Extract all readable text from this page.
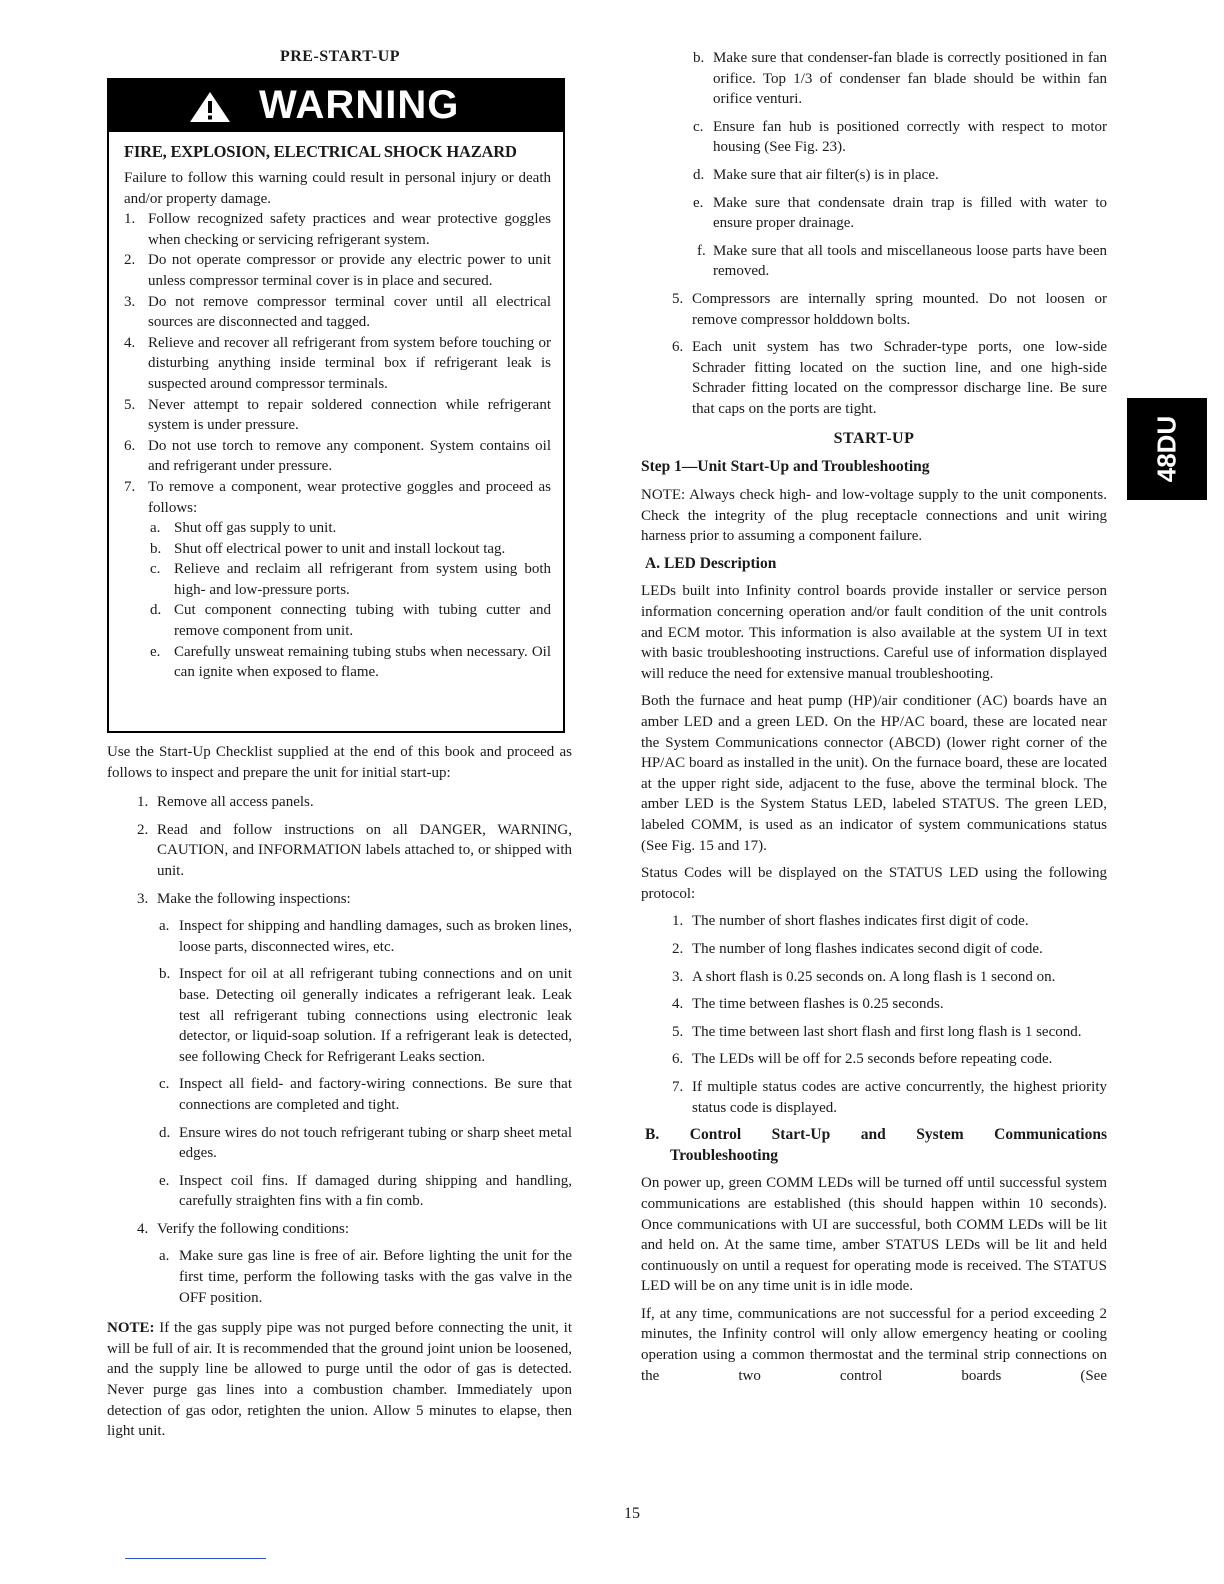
PRE-START-UP
WARNING
FIRE, EXPLOSION, ELECTRICAL SHOCK HAZARD

Failure to follow this warning could result in personal injury or death and/or property damage.

1. Follow recognized safety practices and wear protective goggles when checking or servicing refrigerant system.
2. Do not operate compressor or provide any electric power to unit unless compressor terminal cover is in place and secured.
3. Do not remove compressor terminal cover until all electrical sources are disconnected and tagged.
4. Relieve and recover all refrigerant from system before touching or disturbing anything inside terminal box if refrigerant leak is suspected around compressor terminals.
5. Never attempt to repair soldered connection while refrigerant system is under pressure.
6. Do not use torch to remove any component. System contains oil and refrigerant under pressure.
7. To remove a component, wear protective goggles and proceed as follows:
a. Shut off gas supply to unit.
b. Shut off electrical power to unit and install lockout tag.
c. Relieve and reclaim all refrigerant from system using both high- and low-pressure ports.
d. Cut component connecting tubing with tubing cutter and remove component from unit.
e. Carefully unsweat remaining tubing stubs when necessary. Oil can ignite when exposed to flame.

Use the Start-Up Checklist supplied at the end of this book and proceed as follows to inspect and prepare the unit for initial start-up:

1. Remove all access panels.
2. Read and follow instructions on all DANGER, WARNING, CAUTION, and INFORMATION labels attached to, or shipped with unit.
3. Make the following inspections:
a. Inspect for shipping and handling damages, such as broken lines, loose parts, disconnected wires, etc.
b. Inspect for oil at all refrigerant tubing connections and on unit base. Detecting oil generally indicates a refrigerant leak. Leak test all refrigerant tubing connections using electronic leak detector, or liquid-soap solution. If a refrigerant leak is detected, see following Check for Refrigerant Leaks section.
c. Inspect all field- and factory-wiring connections. Be sure that connections are completed and tight.
d. Ensure wires do not touch refrigerant tubing or sharp sheet metal edges.
e. Inspect coil fins. If damaged during shipping and handling, carefully straighten fins with a fin comb.
4. Verify the following conditions:
a. Make sure gas line is free of air. Before lighting the unit for the first time, perform the following tasks with the gas valve in the OFF position.

NOTE: If the gas supply pipe was not purged before connecting the unit, it will be full of air. It is recommended that the ground joint union be loosened, and the supply line be allowed to purge until the odor of gas is detected. Never purge gas lines into a combustion chamber. Immediately upon detection of gas odor, retighten the union. Allow 5 minutes to elapse, then light unit.

b. Make sure that condenser-fan blade is correctly positioned in fan orifice. Top 1/3 of condenser fan blade should be within fan orifice venturi.
c. Ensure fan hub is positioned correctly with respect to motor housing (See Fig. 23).
d. Make sure that air filter(s) is in place.
e. Make sure that condensate drain trap is filled with water to ensure proper drainage.
f. Make sure that all tools and miscellaneous loose parts have been removed.
5. Compressors are internally spring mounted. Do not loosen or remove compressor holddown bolts.
6. Each unit system has two Schrader-type ports, one low-side Schrader fitting located on the suction line, and one high-side Schrader fitting located on the compressor discharge line. Be sure that caps on the ports are tight.
START-UP

Step 1—Unit Start-Up and Troubleshooting

NOTE: Always check high- and low-voltage supply to the unit components. Check the integrity of the plug receptacle connections and unit wiring harness prior to assuming a component failure.

A. LED Description

LEDs built into Infinity control boards provide installer or service person information concerning operation and/or fault condition of the unit controls and ECM motor. This information is also available at the system UI in text with basic troubleshooting instructions. Careful use of information displayed will reduce the need for extensive manual troubleshooting.

Both the furnace and heat pump (HP)/air conditioner (AC) boards have an amber LED and a green LED. On the HP/AC board, these are located near the System Communications connector (ABCD) (lower right corner of the HP/AC board as installed in the unit). On the furnace board, these are located at the upper right side, adjacent to the fuse, above the terminal block. The amber LED is the System Status LED, labeled STATUS. The green LED, labeled COMM, is used as an indicator of system communications status (See Fig. 15 and 17).

Status Codes will be displayed on the STATUS LED using the following protocol:

1. The number of short flashes indicates first digit of code.
2. The number of long flashes indicates second digit of code.
3. A short flash is 0.25 seconds on. A long flash is 1 second on.
4. The time between flashes is 0.25 seconds.
5. The time between last short flash and first long flash is 1 second.
6. The LEDs will be off for 2.5 seconds before repeating code.
7. If multiple status codes are active concurrently, the highest priority status code is displayed.
B. Control Start-Up and System Communications
Troubleshooting

On power up, green COMM LEDs will be turned off until successful system communications are established (this should happen within 10 seconds). Once communications with UI are successful, both COMM LEDs will be lit and held on. At the same time, amber STATUS LEDs will be lit and held continuously on until a request for operating mode is received. The STATUS LED will be on any time unit is in idle mode.

If, at any time, communications are not successful for a period exceeding 2 minutes, the Infinity control will only allow emergency heating or cooling operation using a common thermostat and the terminal strip connections on the two control boards (See

48DU
15
